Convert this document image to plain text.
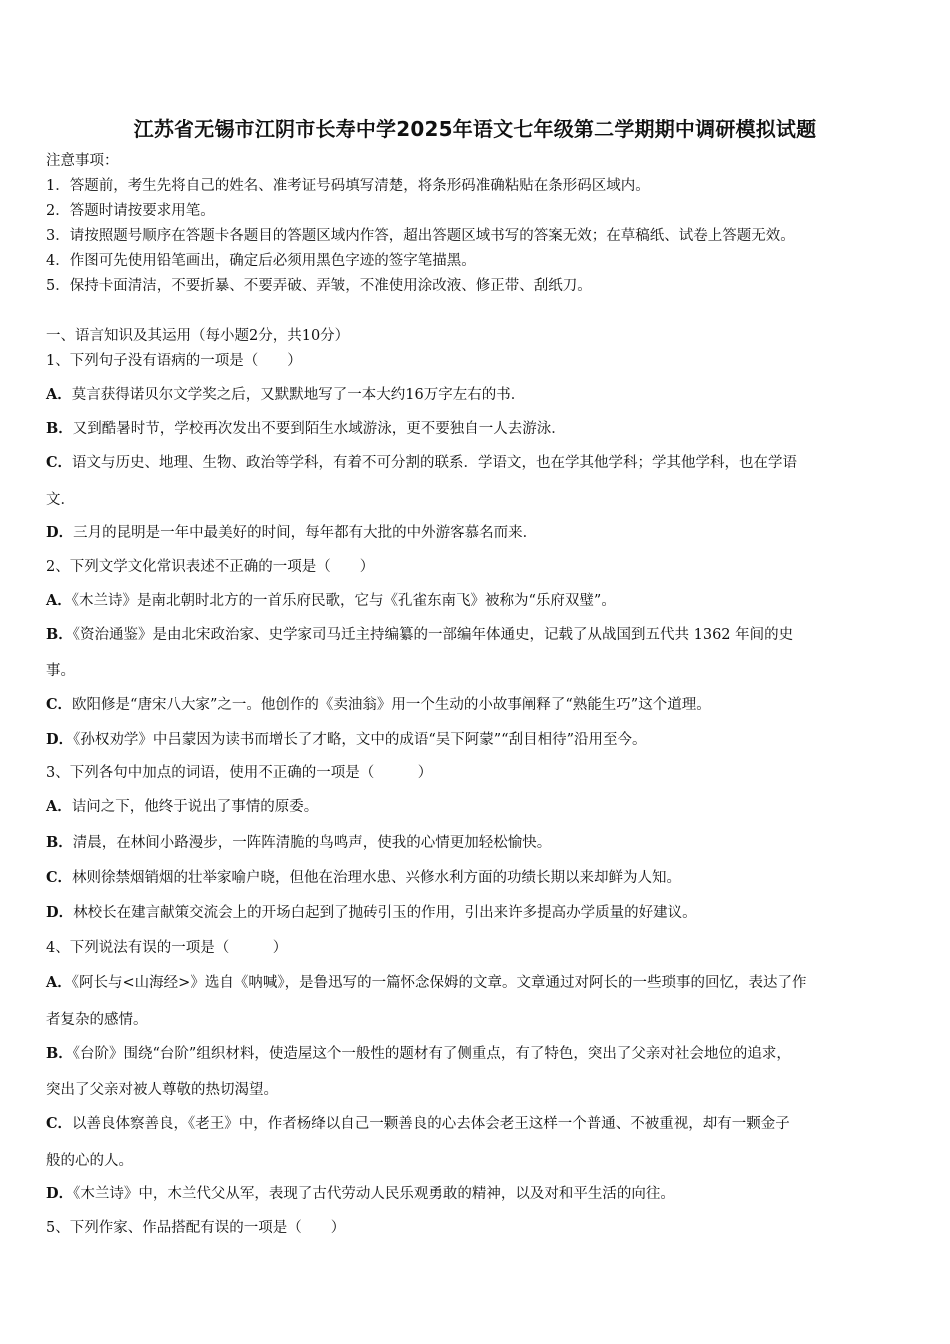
江苏省无锡市江阴市长寿中学2025年语文七年级第二学期期中调研模拟试题
注意事项：
1．答题前，考生先将自己的姓名、准考证号码填写清楚，将条形码准确粘贴在条形码区域内。
2．答题时请按要求用笔。
3．请按照题号顺序在答题卡各题目的答题区域内作答，超出答题区域书写的答案无效；在草稿纸、试卷上答题无效。
4．作图可先使用铅笔画出，确定后必须用黑色字迹的签字笔描黑。
5．保持卡面清洁，不要折暴、不要弄破、弄皱，不准使用涂改液、修正带、刮纸刀。
一、语言知识及其运用（每小题2分，共10分）
1、下列句子没有语病的一项是（　　）
A．莫言获得诺贝尔文学奖之后，又默默地写了一本大约16万字左右的书．
B．又到酷暑时节，学校再次发出不要到陌生水域游泳，更不要独自一人去游泳．
C．语文与历史、地理、生物、政治等学科，有着不可分割的联系．学语文，也在学其他学科；学其他学科，也在学语
文．
D．三月的昆明是一年中最美好的时间，每年都有大批的中外游客慕名而来．
2、下列文学文化常识表述不正确的一项是（　　）
A．《木兰诗》是南北朝时北方的一首乐府民歌，它与《孔雀东南飞》被称为“乐府双璧”。
B．《资治通鉴》是由北宋政治家、史学家司马迁主持编纂的一部编年体通史，记载了从战国到五代共 1362 年间的史
事。
C．欧阳修是“唐宋八大家”之一。他创作的《卖油翁》用一个生动的小故事阐释了“熟能生巧”这个道理。
D．《孙权劝学》中吕蒙因为读书而增长了才略，文中的成语“吴下阿蒙”“刮目相待”沿用至今。
3、下列各句中加点的词语，使用不正确的一项是（　　　）
A．诘问之下，他终于说出了事情的原委。
B．清晨，在林间小路漫步，一阵阵清脆的鸟鸣声，使我的心情更加轻松愉快。
C．林则徐禁烟销烟的壮举家喻户晓，但他在治理水患、兴修水利方面的功绩长期以来却鲜为人知。
D．林校长在建言献策交流会上的开场白起到了抛砖引玉的作用，引出来许多提高办学质量的好建议。
4、下列说法有误的一项是（　　　）
A．《阿长与<山海经>》选自《呐喊》，是鲁迅写的一篇怀念保姆的文章。文章通过对阿长的一些琐事的回忆，表达了作
者复杂的感情。
B．《台阶》围绕“台阶”组织材料，使造屋这个一般性的题材有了侧重点，有了特色，突出了父亲对社会地位的追求，
突出了父亲对被人尊敬的热切渴望。
C．以善良体察善良，《老王》中，作者杨绛以自己一颗善良的心去体会老王这样一个普通、不被重视，却有一颗金子
般的心的人。
D．《木兰诗》中，木兰代父从军，表现了古代劳动人民乐观勇敢的精神，以及对和平生活的向往。
5、下列作家、作品搭配有误的一项是（　　）
